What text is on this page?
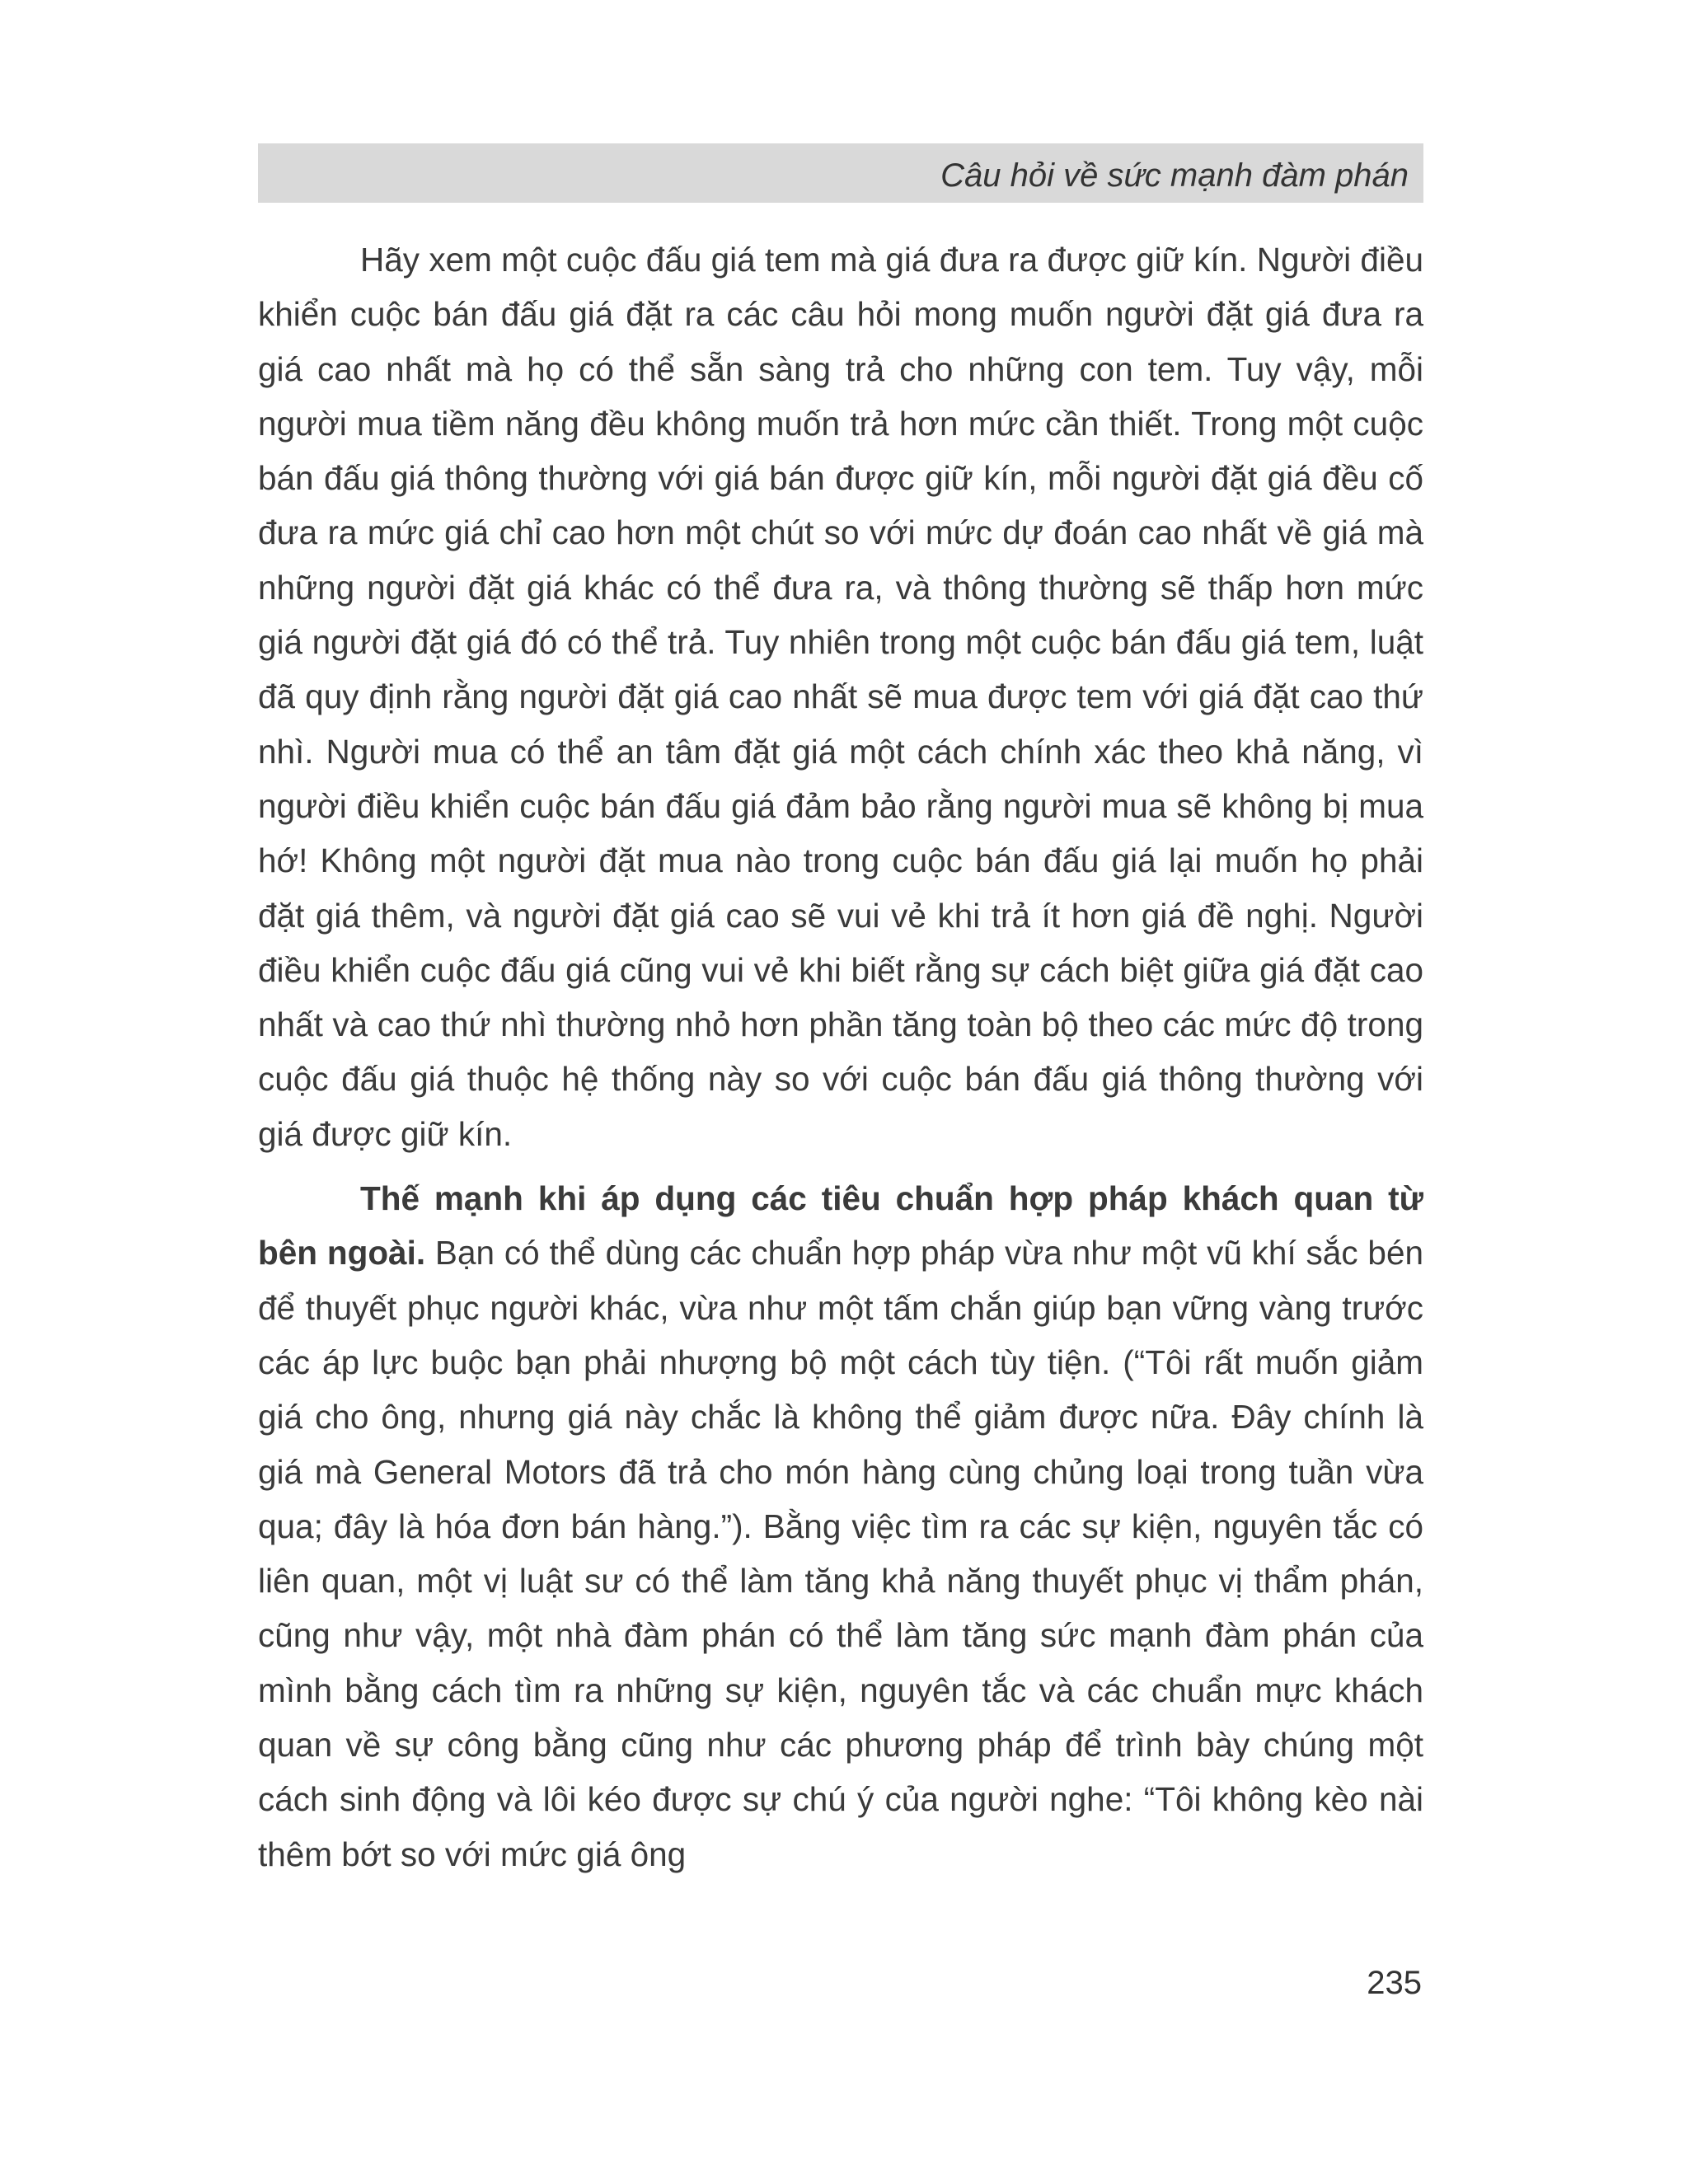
Câu hỏi về sức mạnh đàm phán

Hãy xem một cuộc đấu giá tem mà giá đưa ra được giữ kín. Người điều khiển cuộc bán đấu giá đặt ra các câu hỏi mong muốn người đặt giá đưa ra giá cao nhất mà họ có thể sẵn sàng trả cho những con tem. Tuy vậy, mỗi người mua tiềm năng đều không muốn trả hơn mức cần thiết. Trong một cuộc bán đấu giá thông thường với giá bán được giữ kín, mỗi người đặt giá đều cố đưa ra mức giá chỉ cao hơn một chút so với mức dự đoán cao nhất về giá mà những người đặt giá khác có thể đưa ra, và thông thường sẽ thấp hơn mức giá người đặt giá đó có thể trả. Tuy nhiên trong một cuộc bán đấu giá tem, luật đã quy định rằng người đặt giá cao nhất sẽ mua được tem với giá đặt cao thứ nhì. Người mua có thể an tâm đặt giá một cách chính xác theo khả năng, vì người điều khiển cuộc bán đấu giá đảm bảo rằng người mua sẽ không bị mua hớ! Không một người đặt mua nào trong cuộc bán đấu giá lại muốn họ phải đặt giá thêm, và người đặt giá cao sẽ vui vẻ khi trả ít hơn giá đề nghị. Người điều khiển cuộc đấu giá cũng vui vẻ khi biết rằng sự cách biệt giữa giá đặt cao nhất và cao thứ nhì thường nhỏ hơn phần tăng toàn bộ theo các mức độ trong cuộc đấu giá thuộc hệ thống này so với cuộc bán đấu giá thông thường với giá được giữ kín.

Thế mạnh khi áp dụng các tiêu chuẩn hợp pháp khách quan từ bên ngoài. Bạn có thể dùng các chuẩn hợp pháp vừa như một vũ khí sắc bén để thuyết phục người khác, vừa như một tấm chắn giúp bạn vững vàng trước các áp lực buộc bạn phải nhượng bộ một cách tùy tiện. (“Tôi rất muốn giảm giá cho ông, nhưng giá này chắc là không thể giảm được nữa. Đây chính là giá mà General Motors đã trả cho món hàng cùng chủng loại trong tuần vừa qua; đây là hóa đơn bán hàng.”). Bằng việc tìm ra các sự kiện, nguyên tắc có liên quan, một vị luật sư có thể làm tăng khả năng thuyết phục vị thẩm phán, cũng như vậy, một nhà đàm phán có thể làm tăng sức mạnh đàm phán của mình bằng cách tìm ra những sự kiện, nguyên tắc và các chuẩn mực khách quan về sự công bằng cũng như các phương pháp để trình bày chúng một cách sinh động và lôi kéo được sự chú ý của người nghe: “Tôi không kèo nài thêm bớt so với mức giá ông

235
